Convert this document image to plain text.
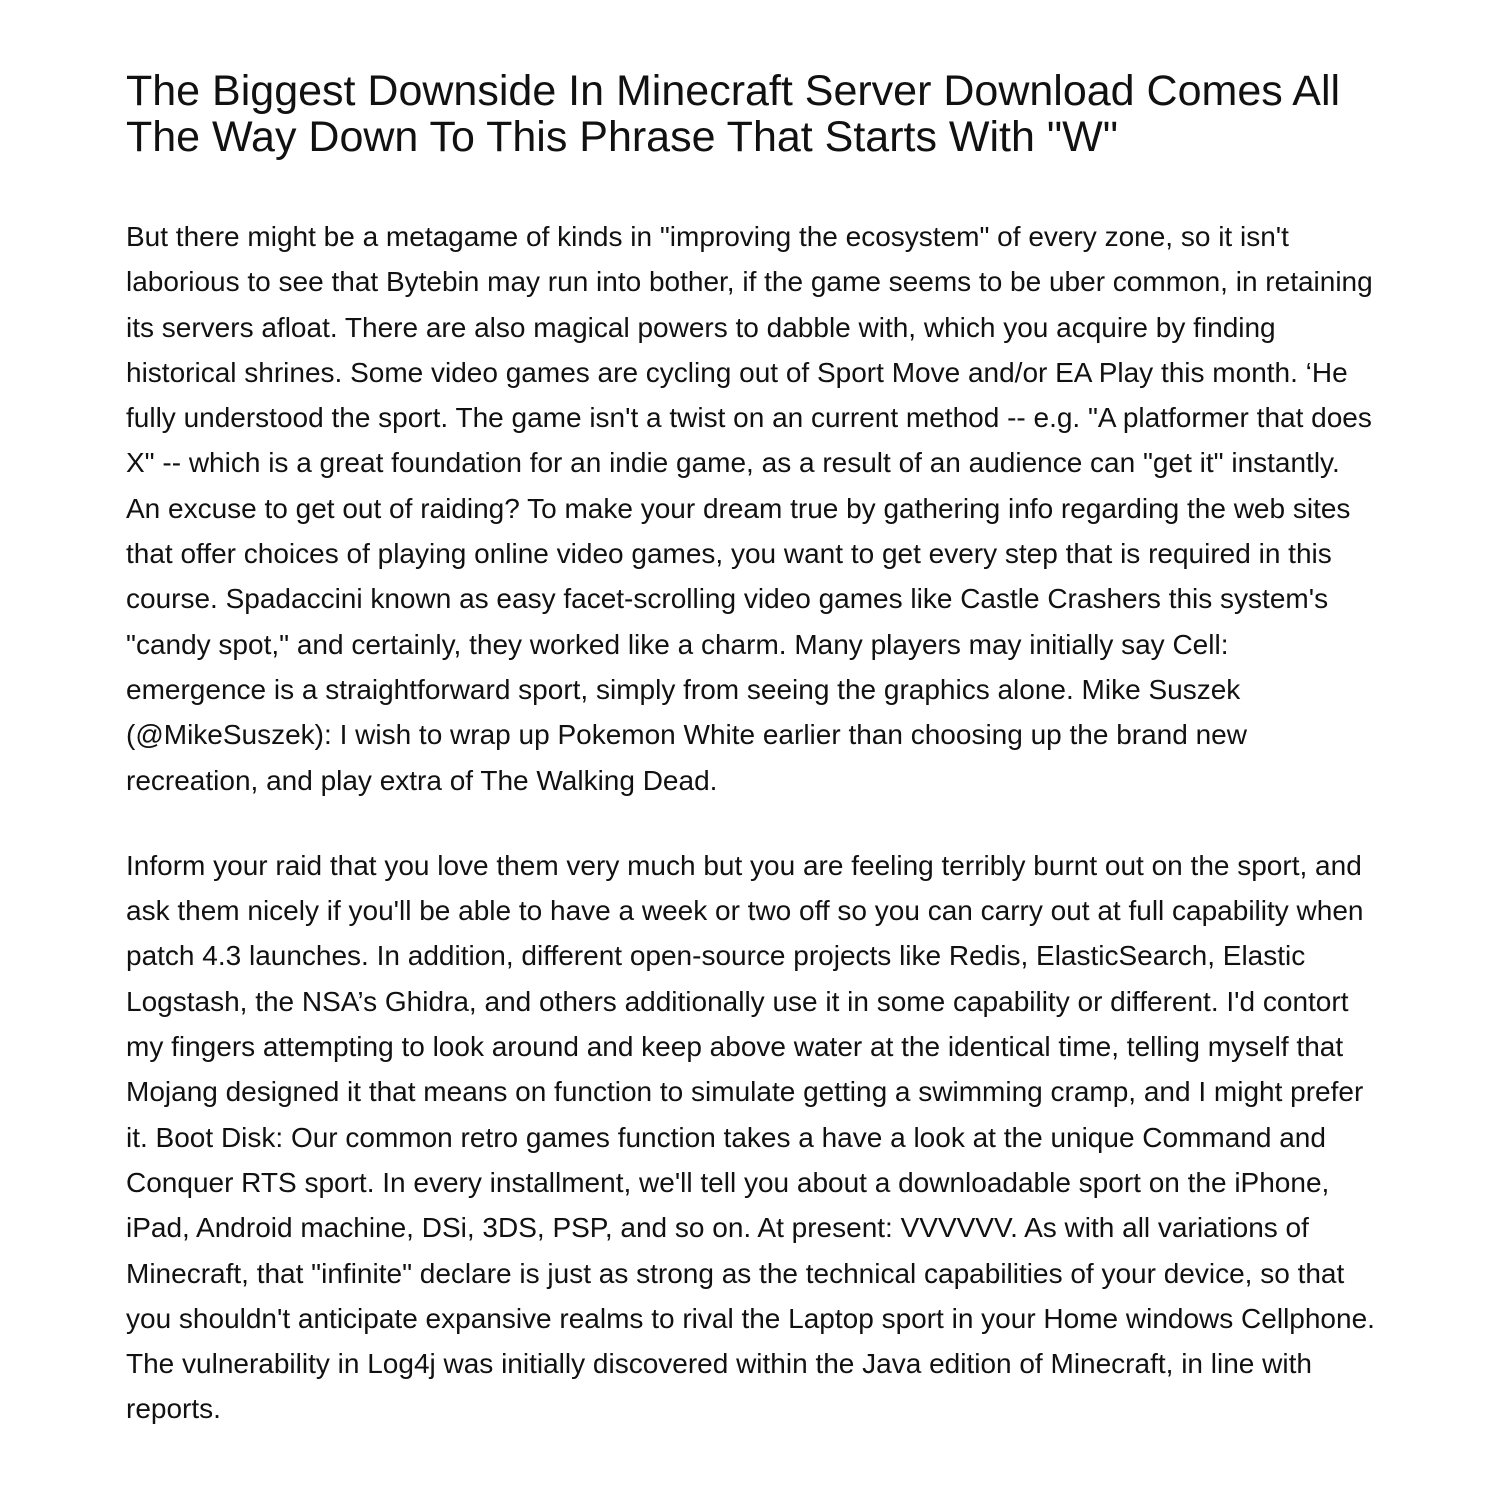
The Biggest Downside In Minecraft Server Download Comes All The Way Down To This Phrase That Starts With "W"

But there might be a metagame of kinds in "improving the ecosystem" of every zone, so it isn't laborious to see that Bytebin may run into bother, if the game seems to be uber common, in retaining its servers afloat. There are also magical powers to dabble with, which you acquire by finding historical shrines. Some video games are cycling out of Sport Move and/or EA Play this month. ‘He fully understood the sport. The game isn't a twist on an current method -- e.g. "A platformer that does X" -- which is a great foundation for an indie game, as a result of an audience can "get it" instantly. An excuse to get out of raiding? To make your dream true by gathering info regarding the web sites that offer choices of playing online video games, you want to get every step that is required in this course. Spadaccini known as easy facet-scrolling video games like Castle Crashers this system's "candy spot," and certainly, they worked like a charm. Many players may initially say Cell: emergence is a straightforward sport, simply from seeing the graphics alone. Mike Suszek (@MikeSuszek): I wish to wrap up Pokemon White earlier than choosing up the brand new recreation, and play extra of The Walking Dead.

Inform your raid that you love them very much but you are feeling terribly burnt out on the sport, and ask them nicely if you'll be able to have a week or two off so you can carry out at full capability when patch 4.3 launches. In addition, different open-source projects like Redis, ElasticSearch, Elastic Logstash, the NSA’s Ghidra, and others additionally use it in some capability or different. I'd contort my fingers attempting to look around and keep above water at the identical time, telling myself that Mojang designed it that means on function to simulate getting a swimming cramp, and I might prefer it. Boot Disk: Our common retro games function takes a have a look at the unique Command and Conquer RTS sport. In every installment, we'll tell you about a downloadable sport on the iPhone, iPad, Android machine, DSi, 3DS, PSP, and so on. At present: VVVVVV. As with all variations of Minecraft, that "infinite" declare is just as strong as the technical capabilities of your device, so that you shouldn't anticipate expansive realms to rival the Laptop sport in your Home windows Cellphone. The vulnerability in Log4j was initially discovered within the Java edition of Minecraft, in line with reports.
